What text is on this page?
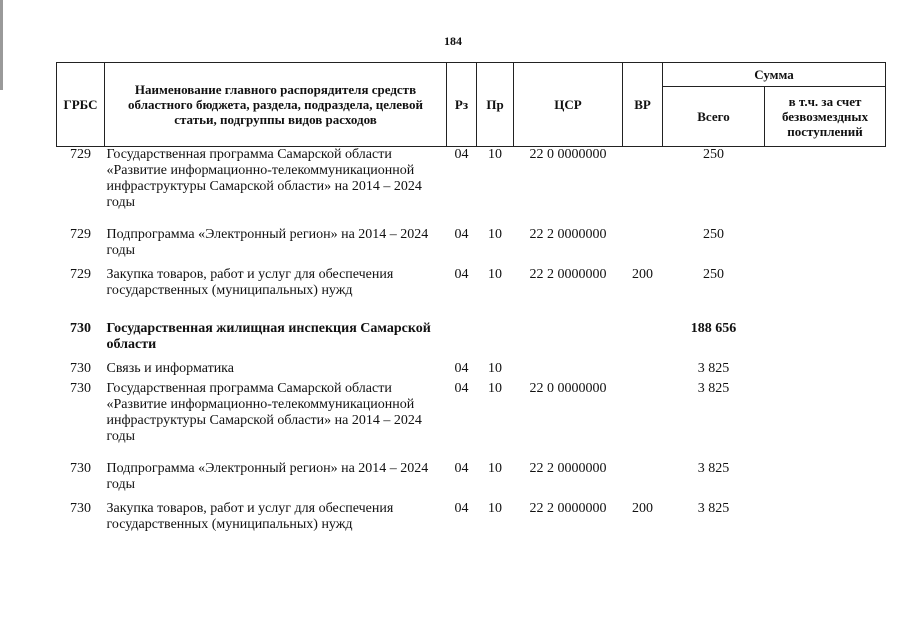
184
ГРБС	Наименование главного распорядителя средств областного бюджета, раздела, подраздела, целевой статьи, подгруппы видов расходов	Рз	Пр	ЦСР	ВР	Сумма	
						Всего	в т.ч. за счет безвозмездных поступлений
729	Государственная программа Самарской области «Развитие информационно-телекоммуникационной инфраструктуры Самарской области» на 2014 – 2024 годы	04	10	22 0 0000000		250	
729	Подпрограмма «Электронный регион» на 2014 – 2024 годы	04	10	22 2 0000000		250	
729	Закупка товаров, работ и услуг для обеспечения государственных (муниципальных) нужд	04	10	22 2 0000000	200	250	
730	Государственная жилищная инспекция Самарской области					188 656	
730	Связь и информатика	04	10			3 825	
730	Государственная программа Самарской области «Развитие информационно-телекоммуникационной инфраструктуры Самарской области» на 2014 – 2024 годы	04	10	22 0 0000000		3 825	
730	Подпрограмма «Электронный регион» на 2014 – 2024 годы	04	10	22 2 0000000		3 825	
730	Закупка товаров, работ и услуг для обеспечения государственных (муниципальных) нужд	04	10	22 2 0000000	200	3 825	
